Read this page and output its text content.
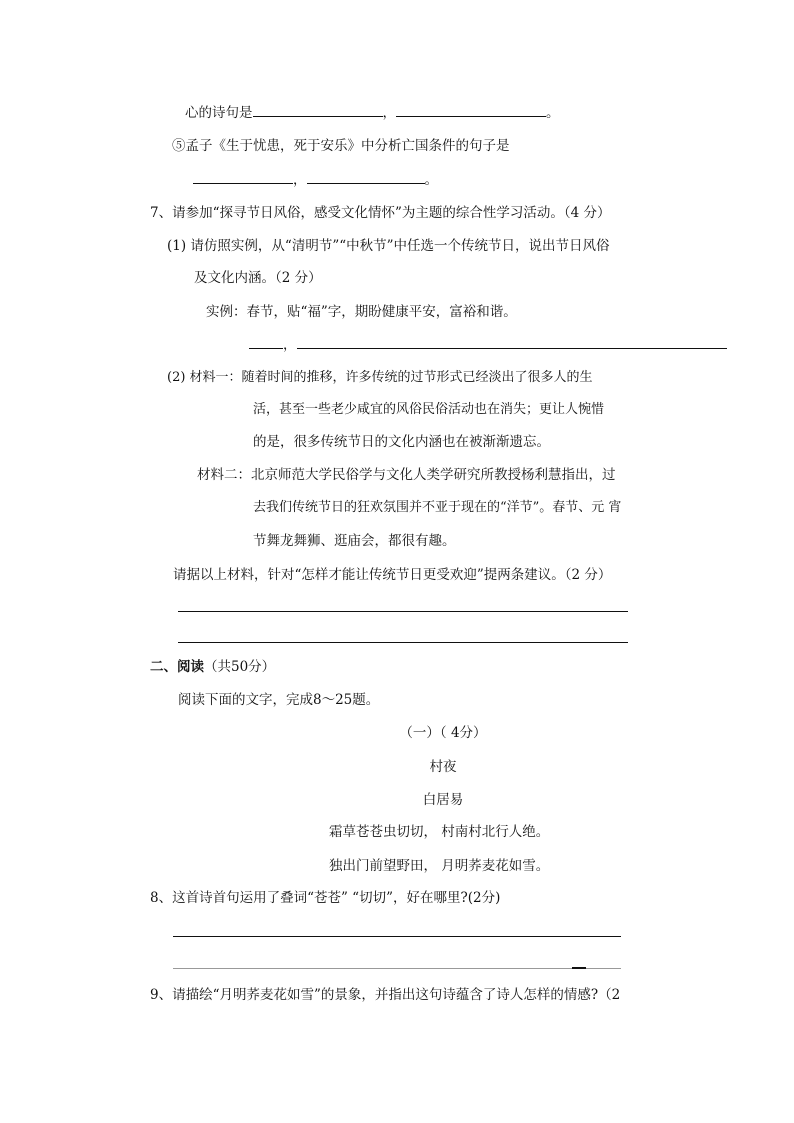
心的诗句是	，	。
⑤孟子《生于忧患，死于安乐》中分析亡国条件的句子是
，	。
7、请参加“探寻节日风俗，感受文化情怀”为主题的综合性学习活动。（4 分）
(1) 请仿照实例，从“清明节”“中秋节”中任选一个传统节日，说出节日风俗
及文化内涵。（2 分）
实例：春节，贴“福”字，期盼健康平安，富裕和谐。
，
(2) 材料一：随着时间的推移，许多传统的过节形式已经淡出了很多人的生
活，甚至一些老少咸宜的风俗民俗活动也在消失；更让人惋惜
的是，很多传统节日的文化内涵也在被渐渐遗忘。
材料二：北京师范大学民俗学与文化人类学研究所教授杨利慧指出，过
去我们传统节日的狂欢氛围并不亚于现在的“洋节”。春节、元 宵
节舞龙舞狮、逛庙会，都很有趣。
请据以上材料，针对“怎样才能让传统节日更受欢迎”提两条建议。（2 分）
二、阅读（共50分）
阅读下面的文字，完成8～25题。
（一）（ 4分）
村夜
白居易
霜草苍苍虫切切， 村南村北行人绝。
独出门前望野田， 月明荞麦花如雪。
8、这首诗首句运用了叠词“苍苍” “切切”，好在哪里?(2分)
9、请描绘“月明荞麦花如雪”的景象，并指出这句诗蕴含了诗人怎样的情感?（2
